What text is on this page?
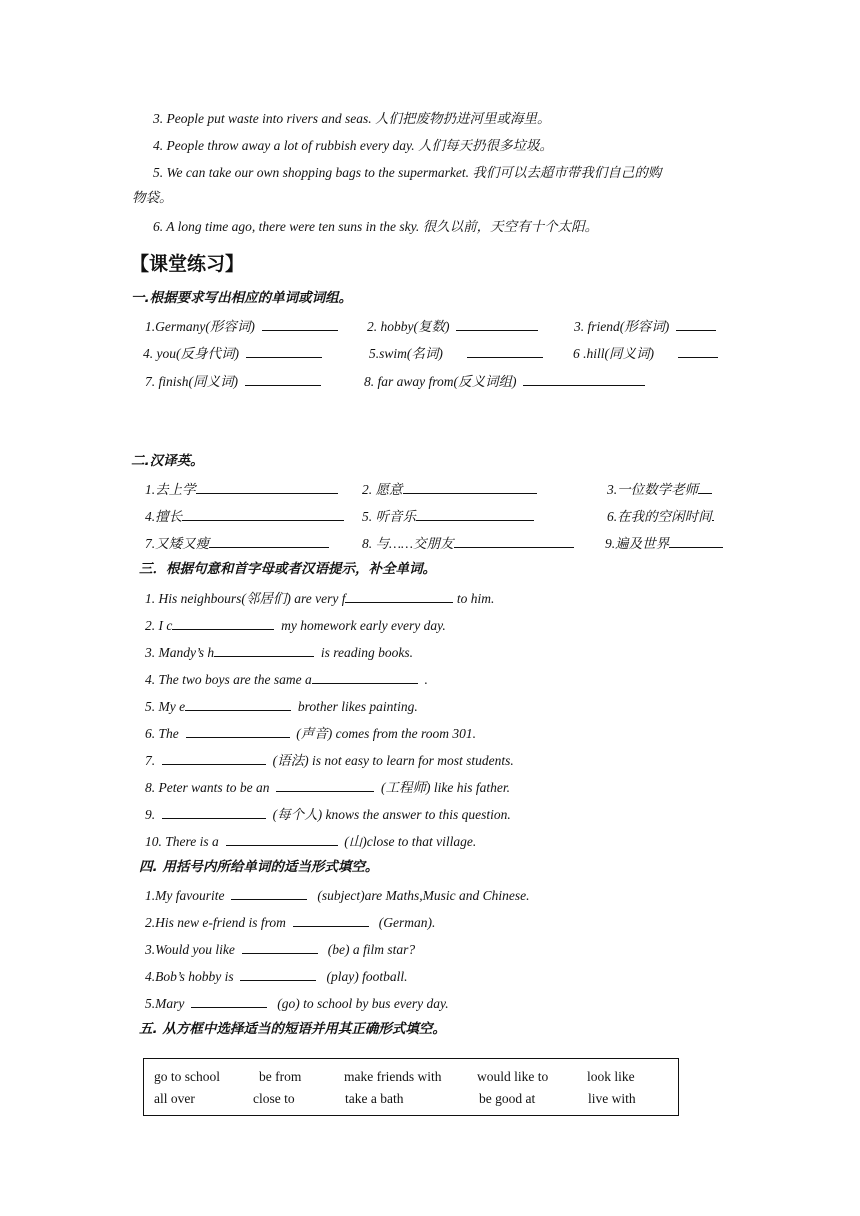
3. People put waste into rivers and seas. 人们把废物扔进河里或海里。
4. People throw away a lot of rubbish every day. 人们每天扔很多垃圾。
5. We can take our own shopping bags to the supermarket. 我们可以去超市带我们自己的购
物袋。
6. A long time ago, there were ten suns in the sky. 很久以前，天空有十个太阳。
【课堂练习】
一.根据要求写出相应的单词或词组。
1.Germany(形容词)	2. hobby(复数)	3. friend(形容词)
4. you(反身代词)	5.swim(名词)	6 .hill(同义词)
7. finish(同义词)	8. far away from(反义词组)
二.汉译英。
1.去上学	2. 愿意	3.一位数学老师
4.擅长	5. 听音乐	6.在我的空闲时间
7.又矮又瘦	8. 与……交朋友	9.遍及世界
三．根据句意和首字母或者汉语提示，补全单词。
1. His neighbours(邻居们) are very f	to him.
2. I c	my homework early every day.
3. Mandy’s h	is reading books.
4. The two boys are the same a	.
5. My e	brother likes painting.
6. The	(声音) comes from the room 301.
7.	(语法) is not easy to learn for most students.
8. Peter wants to be an	(工程师) like his father.
9.	(每个人) knows the answer to this question.
10. There is a	(山)close to that village.
四. 用括号内所给单词的适当形式填空。
1.My favourite	(subject)are Maths,Music and Chinese.
2.His new e-friend is from	(German).
3.Would you like	(be) a film star?
4.Bob’s hobby is	(play) football.
5.Mary	(go) to school by bus every day.
五. 从方框中选择适当的短语并用其正确形式填空。
go to school	be from	make friends with	would like to	look like
all over	close to	take a bath	be good at	live with
